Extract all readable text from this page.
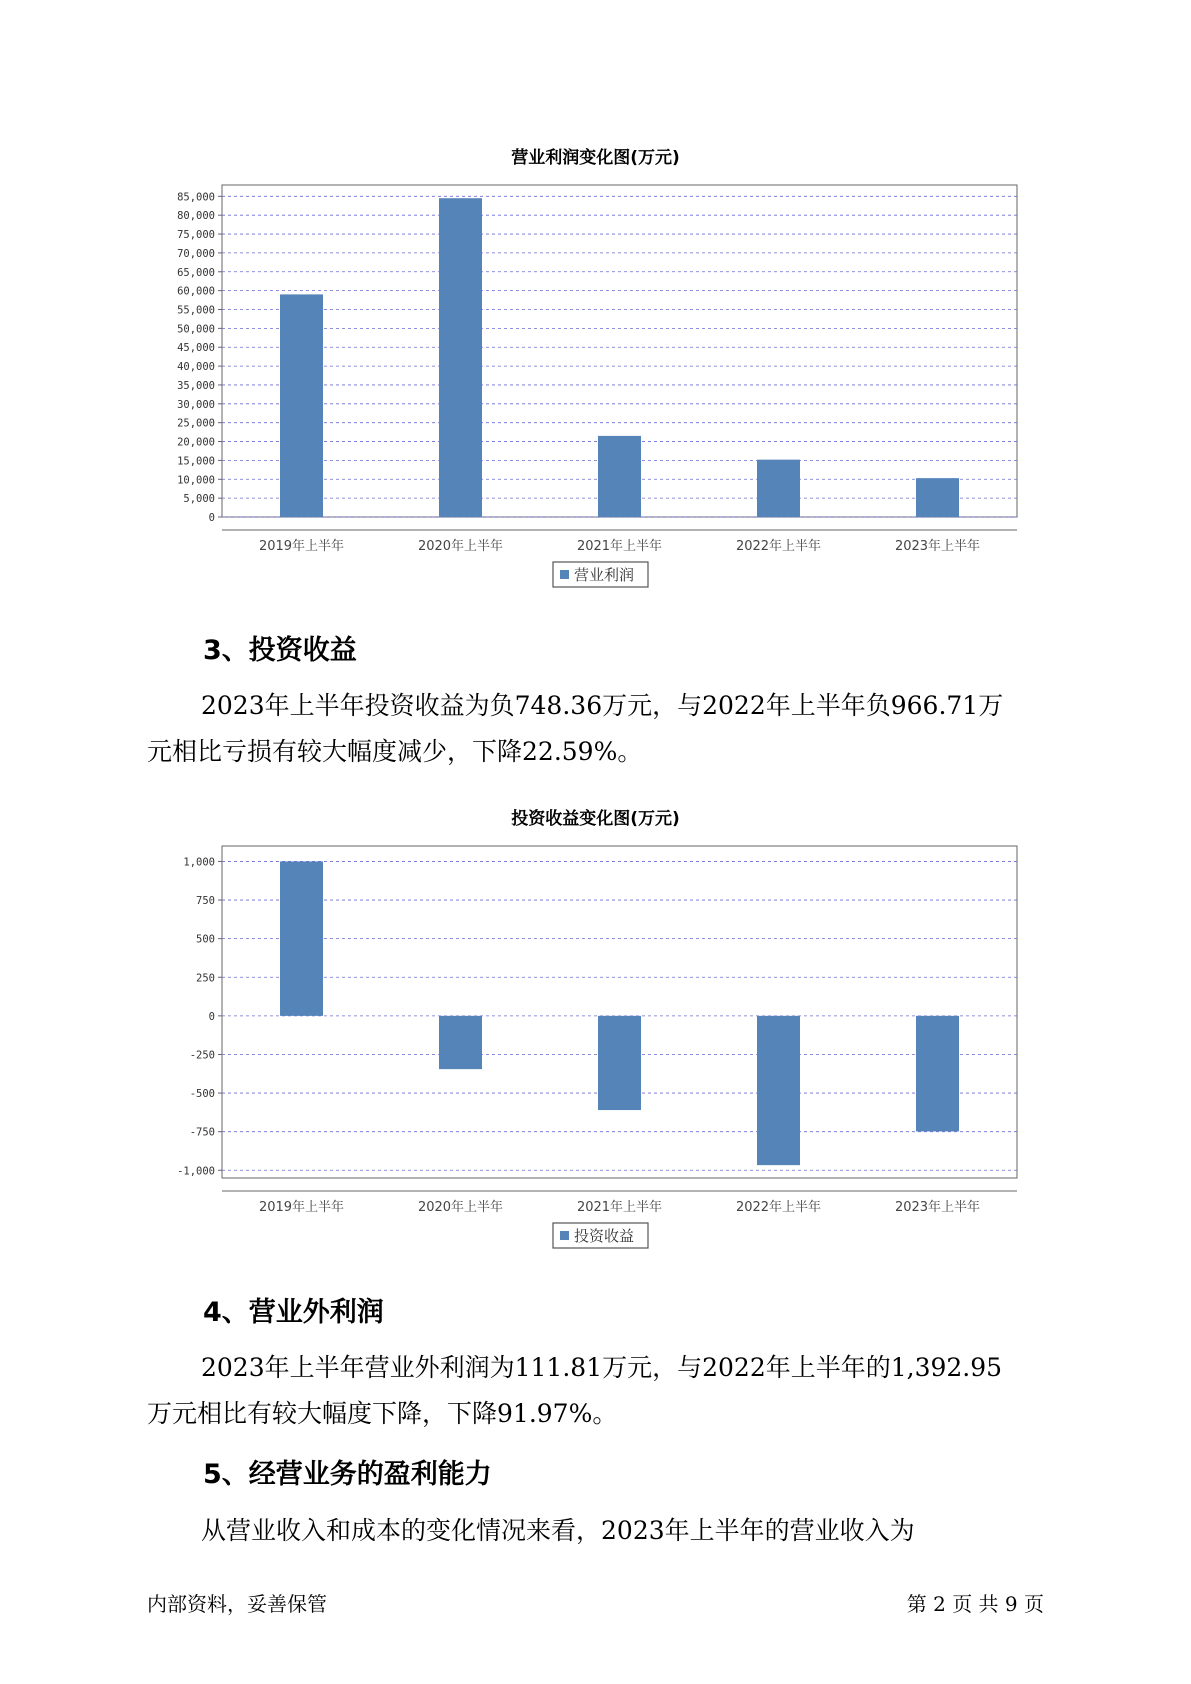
营业利润变化图(万元)
0
5,000
10,000
15,000
20,000
25,000
30,000
35,000
40,000
45,000
50,000
55,000
60,000
65,000
70,000
75,000
80,000
85,000
2019年上半年	2020年上半年	2021年上半年	2022年上半年	2023年上半年
营业利润
3、投资收益

2023年上半年投资收益为负748.36万元，与2022年上半年负966.71万
元相比亏损有较大幅度减少，下降22.59%。

投资收益变化图(万元)
-1,000
-750
-500
-250
0
250
500
750
1,000
2019年上半年	2020年上半年	2021年上半年	2022年上半年	2023年上半年
投资收益
4、营业外利润

2023年上半年营业外利润为111.81万元，与2022年上半年的1,392.95
万元相比有较大幅度下降，下降91.97%。

5、经营业务的盈利能力

从营业收入和成本的变化情况来看，2023年上半年的营业收入为

内部资料，妥善保管	第 2 页 共 9 页
